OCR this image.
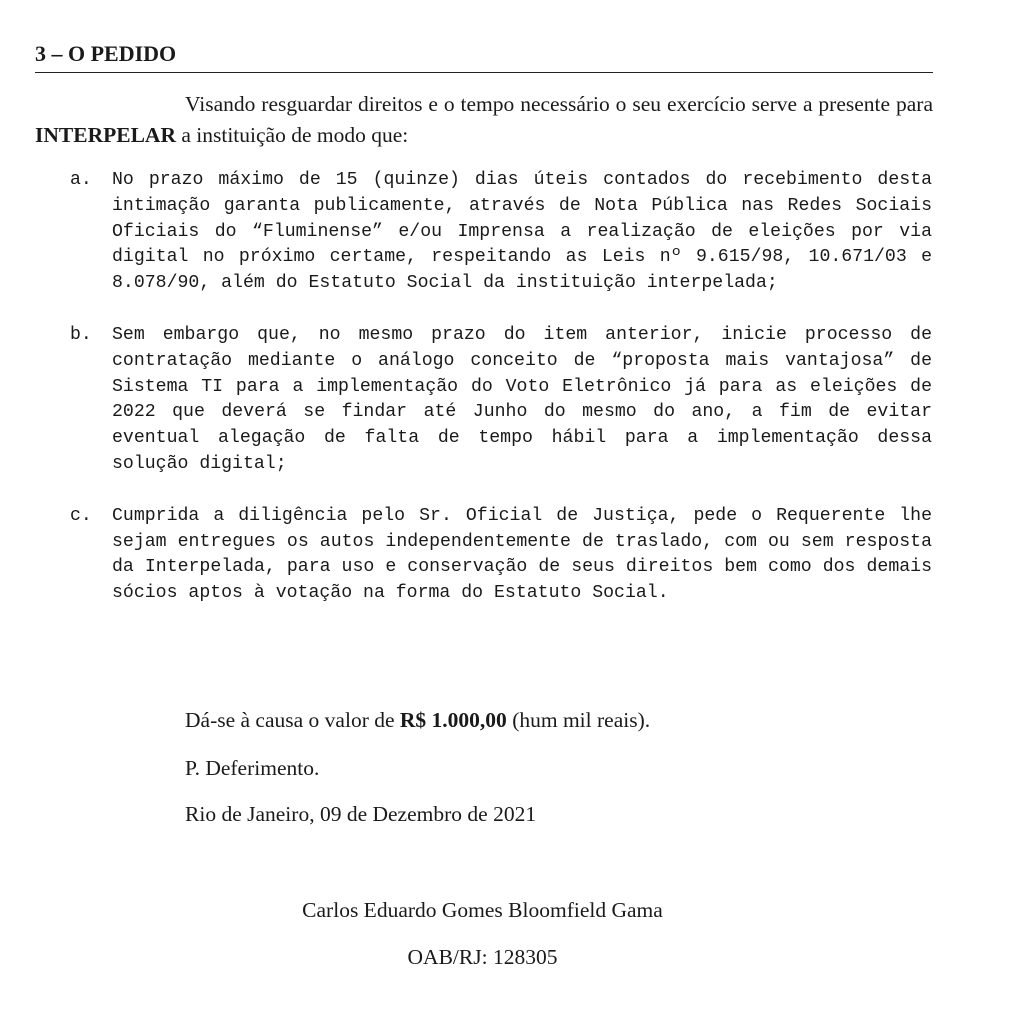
3 – O PEDIDO

Visando resguardar direitos e o tempo necessário o seu exercício serve a presente para INTERPELAR a instituição de modo que:

a.	No prazo máximo de 15 (quinze) dias úteis contados do recebimento desta intimação garanta publicamente, através de Nota Pública nas Redes Sociais Oficiais do “Fluminense” e/ou Imprensa a realização de eleições por via digital no próximo certame, respeitando as Leis nº 9.615/98, 10.671/03 e 8.078/90, além do Estatuto Social da instituição interpelada;
b.	Sem embargo que, no mesmo prazo do item anterior, inicie processo de contratação mediante o análogo conceito de “proposta mais vantajosa” de Sistema TI para a implementação do Voto Eletrônico já para as eleições de 2022 que deverá se findar até Junho do mesmo do ano, a fim de evitar eventual alegação de falta de tempo hábil para a implementação dessa solução digital;
c.	Cumprida a diligência pelo Sr. Oficial de Justiça, pede o Requerente lhe sejam entregues os autos independentemente de traslado, com ou sem resposta da Interpelada, para uso e conservação de seus direitos bem como dos demais sócios aptos à votação na forma do Estatuto Social.
Dá-se à causa o valor de R$ 1.000,00 (hum mil reais).
P. Deferimento.
Rio de Janeiro, 09 de Dezembro de 2021
Carlos Eduardo Gomes Bloomfield Gama
OAB/RJ: 128305
